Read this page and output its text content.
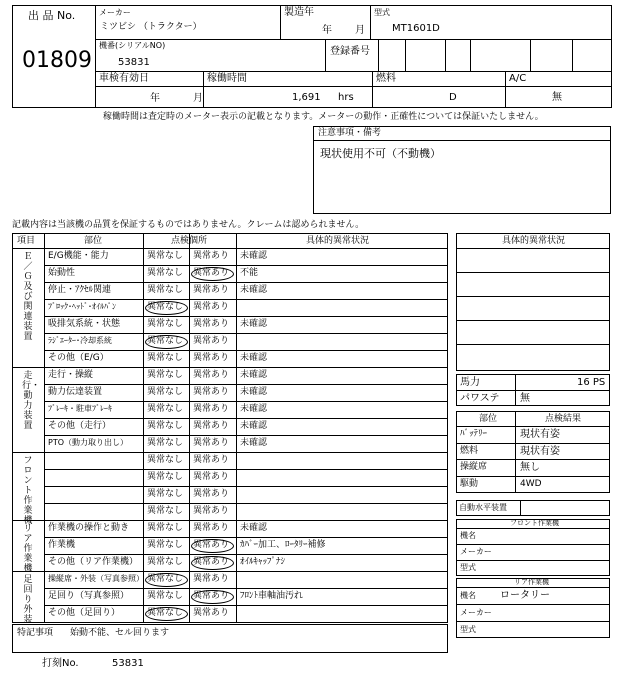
出 品 No.
01809
メーカー
ミツビシ （トラクター）
製造年
年 月
型式
MT1601D
機番(シリアルNO)
53831
登録番号
車検有効日
年	月
稼働時間
1,691 hrs
燃料
D
A/C
無
稼働時間は査定時のメーター表示の記載となります。メーターの動作・正確性については保証いたしません。
注意事項・備考
現状使用不可（不動機）
記載内容は当該機の品質を保証するものではありません。クレームは認められません。
項目	部位	点検個所	具体的異常状況
Ｅ／Ｇ及び関連装置
E/G機能・能力	異常なし 異常あり 未確認
始動性	異常なし 異常あり 不能
停止・ｱｸｾﾙ関連	異常なし 異常あり 未確認
ﾌﾞﾛｯｸ･ﾍｯﾄﾞ･ｵｲﾙﾊﾟﾝ	異常なし 異常あり
吸排気系統・状態	異常なし 異常あり 未確認
ﾗｼﾞｴｰﾀｰ･冷却系統	異常なし 異常あり
その他（E/G）	異常なし 異常あり 未確認
走行・動力装置
走行・操縦	異常なし 異常あり 未確認
動力伝達装置	異常なし 異常あり 未確認
ﾌﾞﾚｰｷ・駐車ﾌﾞﾚｰｷ	異常なし 異常あり 未確認
その他（走行）	異常なし 異常あり 未確認
PTO（動力取り出し） 異常なし 異常あり 未確認
フロント作業機
異常なし 異常あり
異常なし 異常あり
異常なし 異常あり
異常なし 異常あり
リア作業機
作業機の操作と動き 異常なし 異常あり 未確認
作業機	異常なし 異常あり ｶﾊﾞｰ加工、ﾛｰﾀﾘｰ補修
その他（リア作業機） 異常なし 異常あり ｵｲﾙｷｬｯﾌﾟﾅｼ
足回り外装
操縦席・外装（写真参照） 異常なし 異常あり
足回り（写真参照） 異常なし 異常あり ﾌﾛﾝﾄ車軸油汚れ
その他（足回り）	異常なし 異常あり
特記事項 始動不能、セル回ります
打刻No.	53831
具体的異常状況
馬力	16 PS
パワステ 無
部位	点検結果
ﾊﾞｯﾃﾘｰ	現状有姿
燃料	現状有姿
操縦席	無し
駆動	4WD
自動水平装置
フロント作業機
機名
メーカー
型式
リア作業機
機名 ロータリー
メーカー
型式
